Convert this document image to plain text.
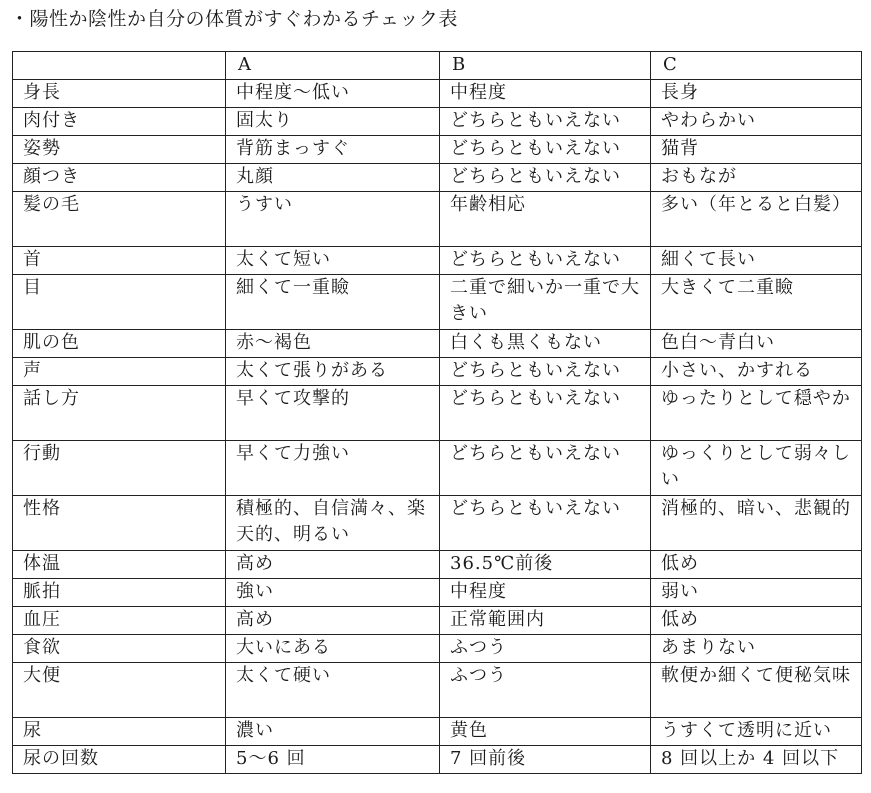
・陽性か陰性か自分の体質がすぐわかるチェック表
	A	B	C
身長	中程度〜低い	中程度	長身
肉付き	固太り	どちらともいえない	やわらかい
姿勢	背筋まっすぐ	どちらともいえない	猫背
顔つき	丸顔	どちらともいえない	おもなが
髪の毛	うすい	年齢相応	多い（年とると白髪）
首	太くて短い	どちらともいえない	細くて長い
目	細くて一重瞼	二重で細いか一重で大きい	大きくて二重瞼
肌の色	赤〜褐色	白くも黒くもない	色白〜青白い
声	太くて張りがある	どちらともいえない	小さい、かすれる
話し方	早くて攻撃的	どちらともいえない	ゆったりとして穏やか
行動	早くて力強い	どちらともいえない	ゆっくりとして弱々しい
性格	積極的、自信満々、楽天的、明るい	どちらともいえない	消極的、暗い、悲観的
体温	高め	36.5℃前後	低め
脈拍	強い	中程度	弱い
血圧	高め	正常範囲内	低め
食欲	大いにある	ふつう	あまりない
大便	太くて硬い	ふつう	軟便か細くて便秘気味
尿	濃い	黄色	うすくて透明に近い
尿の回数	5〜6 回	7 回前後	8 回以上か 4 回以下
